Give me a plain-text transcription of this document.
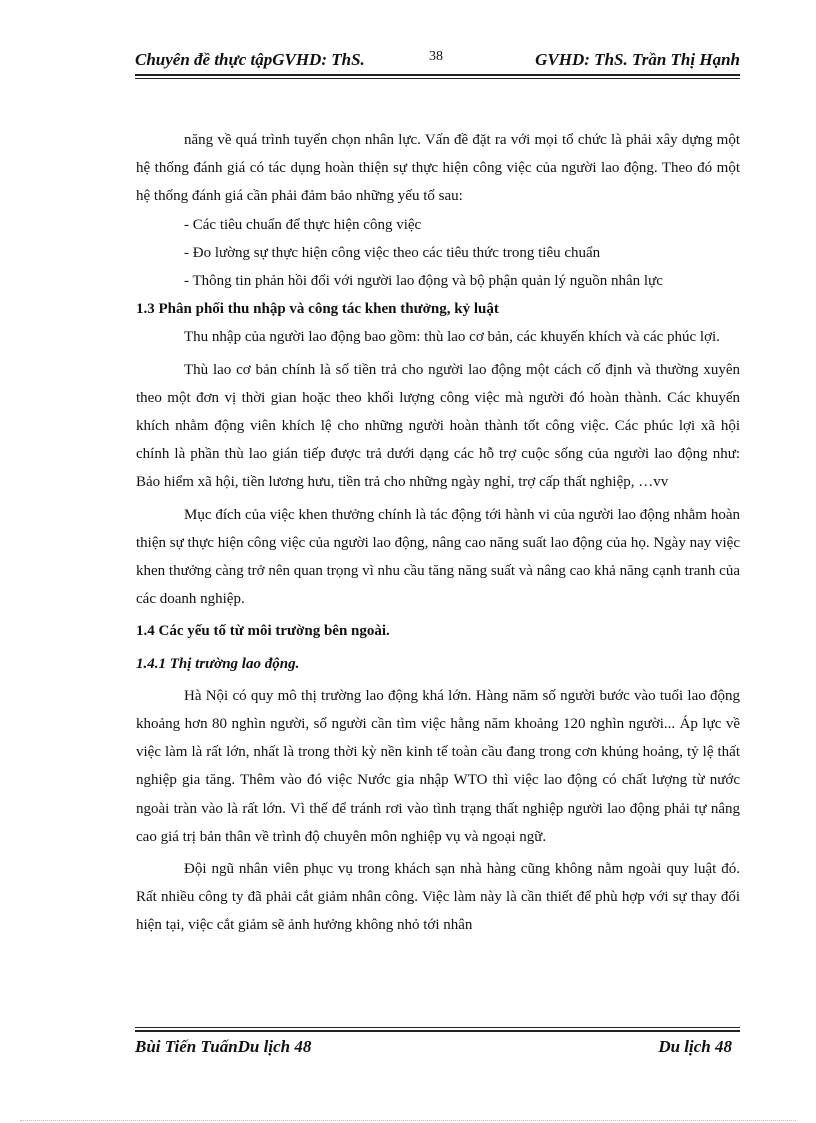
Chuyên đề thực tậpGVHD: ThS.	38	GVHD: ThS. Trần Thị Hạnh

năng về quá trình tuyển chọn nhân lực. Vấn đề đặt ra với mọi tổ chức là phải xây dựng một hệ thống đánh giá có tác dụng hoàn thiện sự thực hiện công việc của người lao động. Theo đó một hệ thống đánh giá cần phải đảm bảo những yếu tố sau:

- Các tiêu chuẩn để thực hiện công việc

- Đo lường sự thực hiện công việc theo các tiêu thức trong tiêu chuẩn

- Thông tin phản hồi đối với người lao động và bộ phận quản lý nguồn nhân lực

1.3 Phân phối thu nhập và công tác khen thưởng, kỷ luật

Thu nhập của người lao động bao gồm: thù lao cơ bản, các khuyến khích và các phúc lợi.

Thù lao cơ bản chính là số tiền trả cho người lao động một cách cố định và thường xuyên theo một đơn vị thời gian hoặc theo khối lượng công việc mà người đó hoàn thành. Các khuyến khích nhằm động viên khích lệ cho những người hoàn thành tốt công việc. Các phúc lợi xã hội chính là phần thù lao gián tiếp được trả dưới dạng các hỗ trợ cuộc sống của người lao động như: Bảo hiểm xã hội, tiền lương hưu, tiền trả cho những ngày nghỉ, trợ cấp thất nghiệp, …vv

Mục đích của việc khen thưởng chính là tác động tới hành vi của người lao động nhằm hoàn thiện sự thực hiện công việc của người lao động, nâng cao năng suất lao động của họ. Ngày nay việc khen thưởng càng trở nên quan trọng vì nhu cầu tăng năng suất và nâng cao khả năng cạnh tranh của các doanh nghiệp.

1.4 Các yếu tố từ môi trường bên ngoài.

1.4.1 Thị trường lao động.

Hà Nội có quy mô thị trường lao động khá lớn. Hàng năm số người bước vào tuổi lao động khoảng hơn 80 nghìn người, số người cần tìm việc hằng năm khoảng 120 nghìn người... Áp lực về việc làm là rất lớn, nhất là trong thời kỳ nền kinh tế toàn cầu đang trong cơn khủng hoảng, tỷ lệ thất nghiệp gia tăng. Thêm vào đó việc Nước gia nhập WTO thì việc lao động có chất lượng từ nước ngoài tràn vào là rất lớn. Vì thế để tránh rơi vào tình trạng thất nghiệp người lao động phải tự nâng cao giá trị bản thân về trình độ chuyên môn nghiệp vụ và ngoại ngữ.

Đội ngũ nhân viên phục vụ trong khách sạn nhà hàng cũng không nằm ngoài quy luật đó. Rất nhiều công ty đã phải cắt giảm nhân công. Việc làm này là cần thiết để phù hợp với sự thay đổi hiện tại, việc cắt giảm sẽ ảnh hưởng không nhỏ tới nhân

Bùi Tiến TuấnDu lịch 48	Du lịch 48
